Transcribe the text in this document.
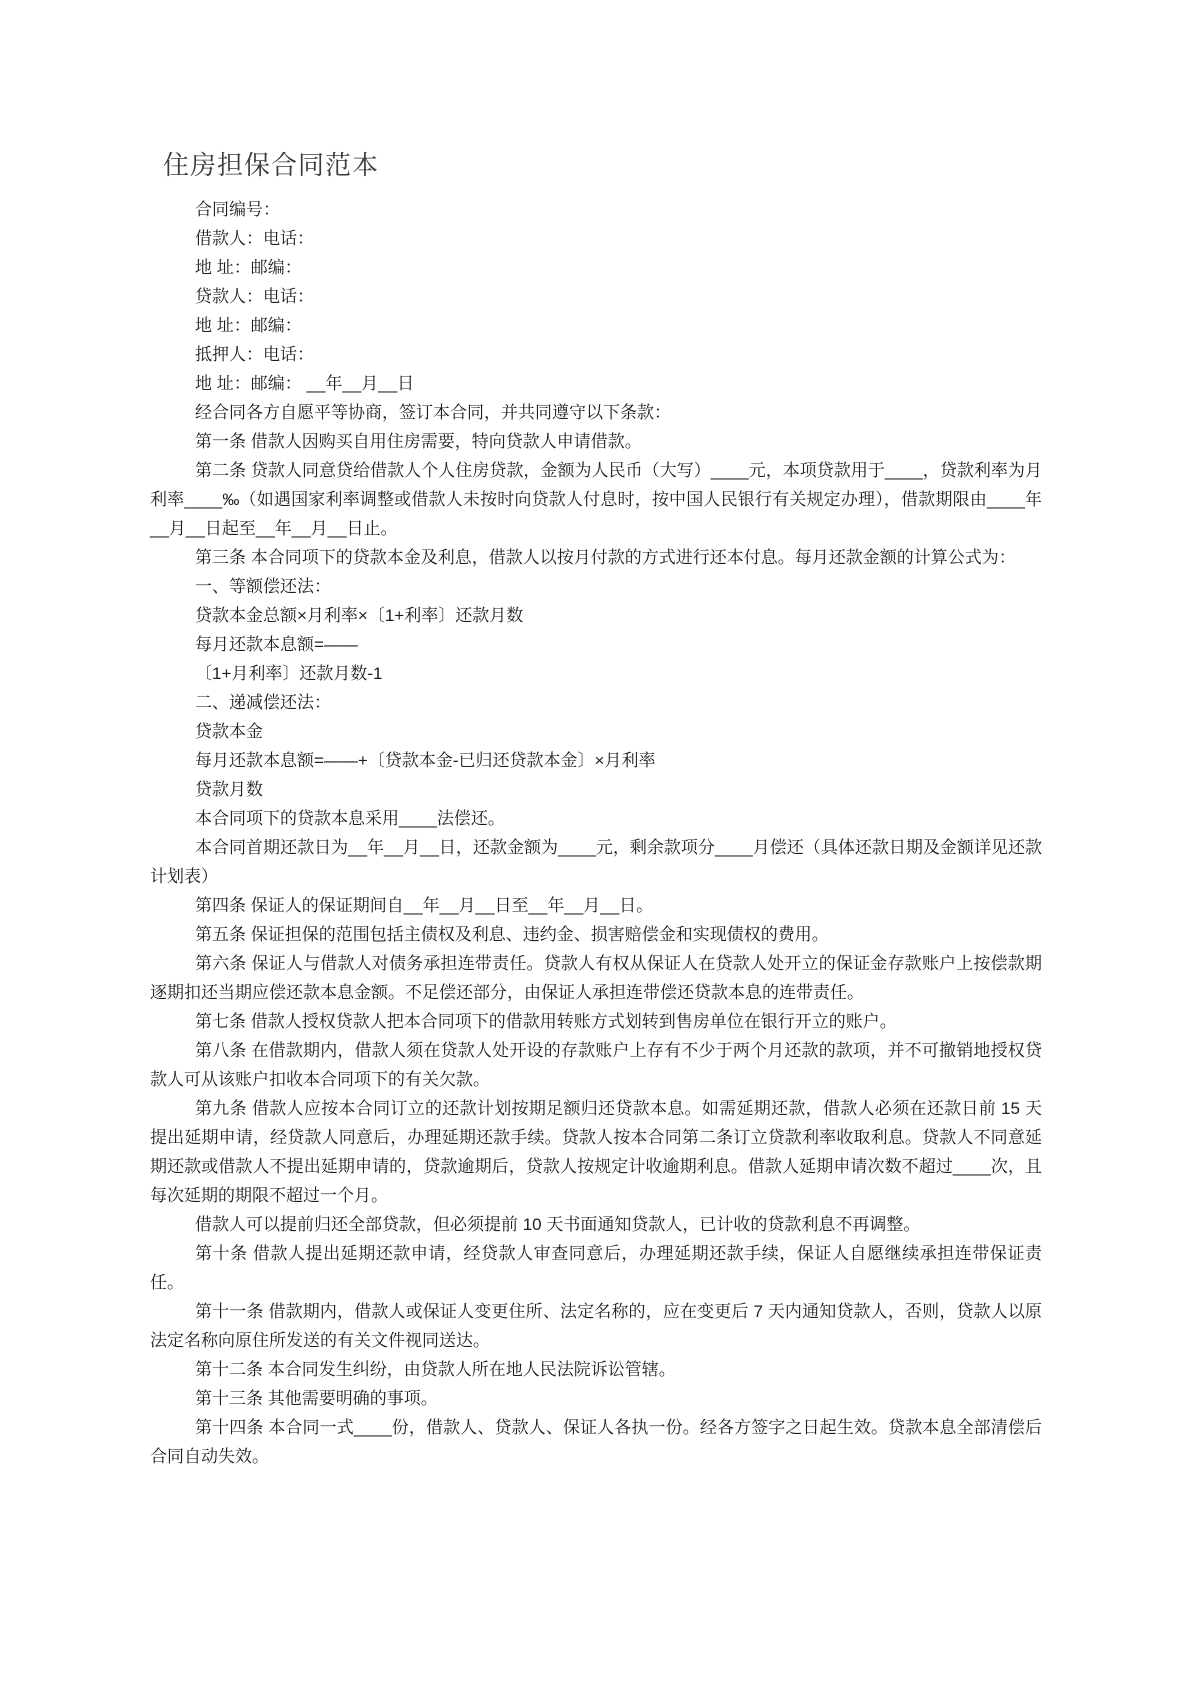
住房担保合同范本

合同编号：

借款人：电话：

地 址：邮编：

贷款人：电话：

地 址：邮编：

抵押人：电话：

地 址：邮编： __年__月__日

经合同各方自愿平等协商，签订本合同，并共同遵守以下条款：

第一条 借款人因购买自用住房需要，特向贷款人申请借款。

第二条 贷款人同意贷给借款人个人住房贷款，金额为人民币（大写）____元，本项贷款用于____，贷款利率为月利率____‰（如遇国家利率调整或借款人未按时向贷款人付息时，按中国人民银行有关规定办理），借款期限由____年__月__日起至__年__月__日止。

第三条 本合同项下的贷款本金及利息，借款人以按月付款的方式进行还本付息。每月还款金额的计算公式为：

一、等额偿还法：

贷款本金总额×月利率×〔1+利率〕还款月数

每月还款本息额=——

〔1+月利率〕还款月数-1

二、递减偿还法：

贷款本金

每月还款本息额=——+〔贷款本金-已归还贷款本金〕×月利率

贷款月数

本合同项下的贷款本息采用____法偿还。

本合同首期还款日为__年__月__日，还款金额为____元，剩余款项分____月偿还（具体还款日期及金额详见还款计划表）

第四条 保证人的保证期间自__年__月__日至__年__月__日。

第五条 保证担保的范围包括主债权及利息、违约金、损害赔偿金和实现债权的费用。

第六条 保证人与借款人对债务承担连带责任。贷款人有权从保证人在贷款人处开立的保证金存款账户上按偿款期逐期扣还当期应偿还款本息金额。不足偿还部分，由保证人承担连带偿还贷款本息的连带责任。

第七条 借款人授权贷款人把本合同项下的借款用转账方式划转到售房单位在银行开立的账户。

第八条 在借款期内，借款人须在贷款人处开设的存款账户上存有不少于两个月还款的款项，并不可撤销地授权贷款人可从该账户扣收本合同项下的有关欠款。

第九条 借款人应按本合同订立的还款计划按期足额归还贷款本息。如需延期还款，借款人必须在还款日前 15 天提出延期申请，经贷款人同意后，办理延期还款手续。贷款人按本合同第二条订立贷款利率收取利息。贷款人不同意延期还款或借款人不提出延期申请的，贷款逾期后，贷款人按规定计收逾期利息。借款人延期申请次数不超过____次，且每次延期的期限不超过一个月。

借款人可以提前归还全部贷款，但必须提前 10 天书面通知贷款人，已计收的贷款利息不再调整。

第十条 借款人提出延期还款申请，经贷款人审查同意后，办理延期还款手续，保证人自愿继续承担连带保证责任。

第十一条 借款期内，借款人或保证人变更住所、法定名称的，应在变更后 7 天内通知贷款人，否则，贷款人以原法定名称向原住所发送的有关文件视同送达。

第十二条 本合同发生纠纷，由贷款人所在地人民法院诉讼管辖。

第十三条 其他需要明确的事项。

第十四条 本合同一式____份，借款人、贷款人、保证人各执一份。经各方签字之日起生效。贷款本息全部清偿后合同自动失效。
